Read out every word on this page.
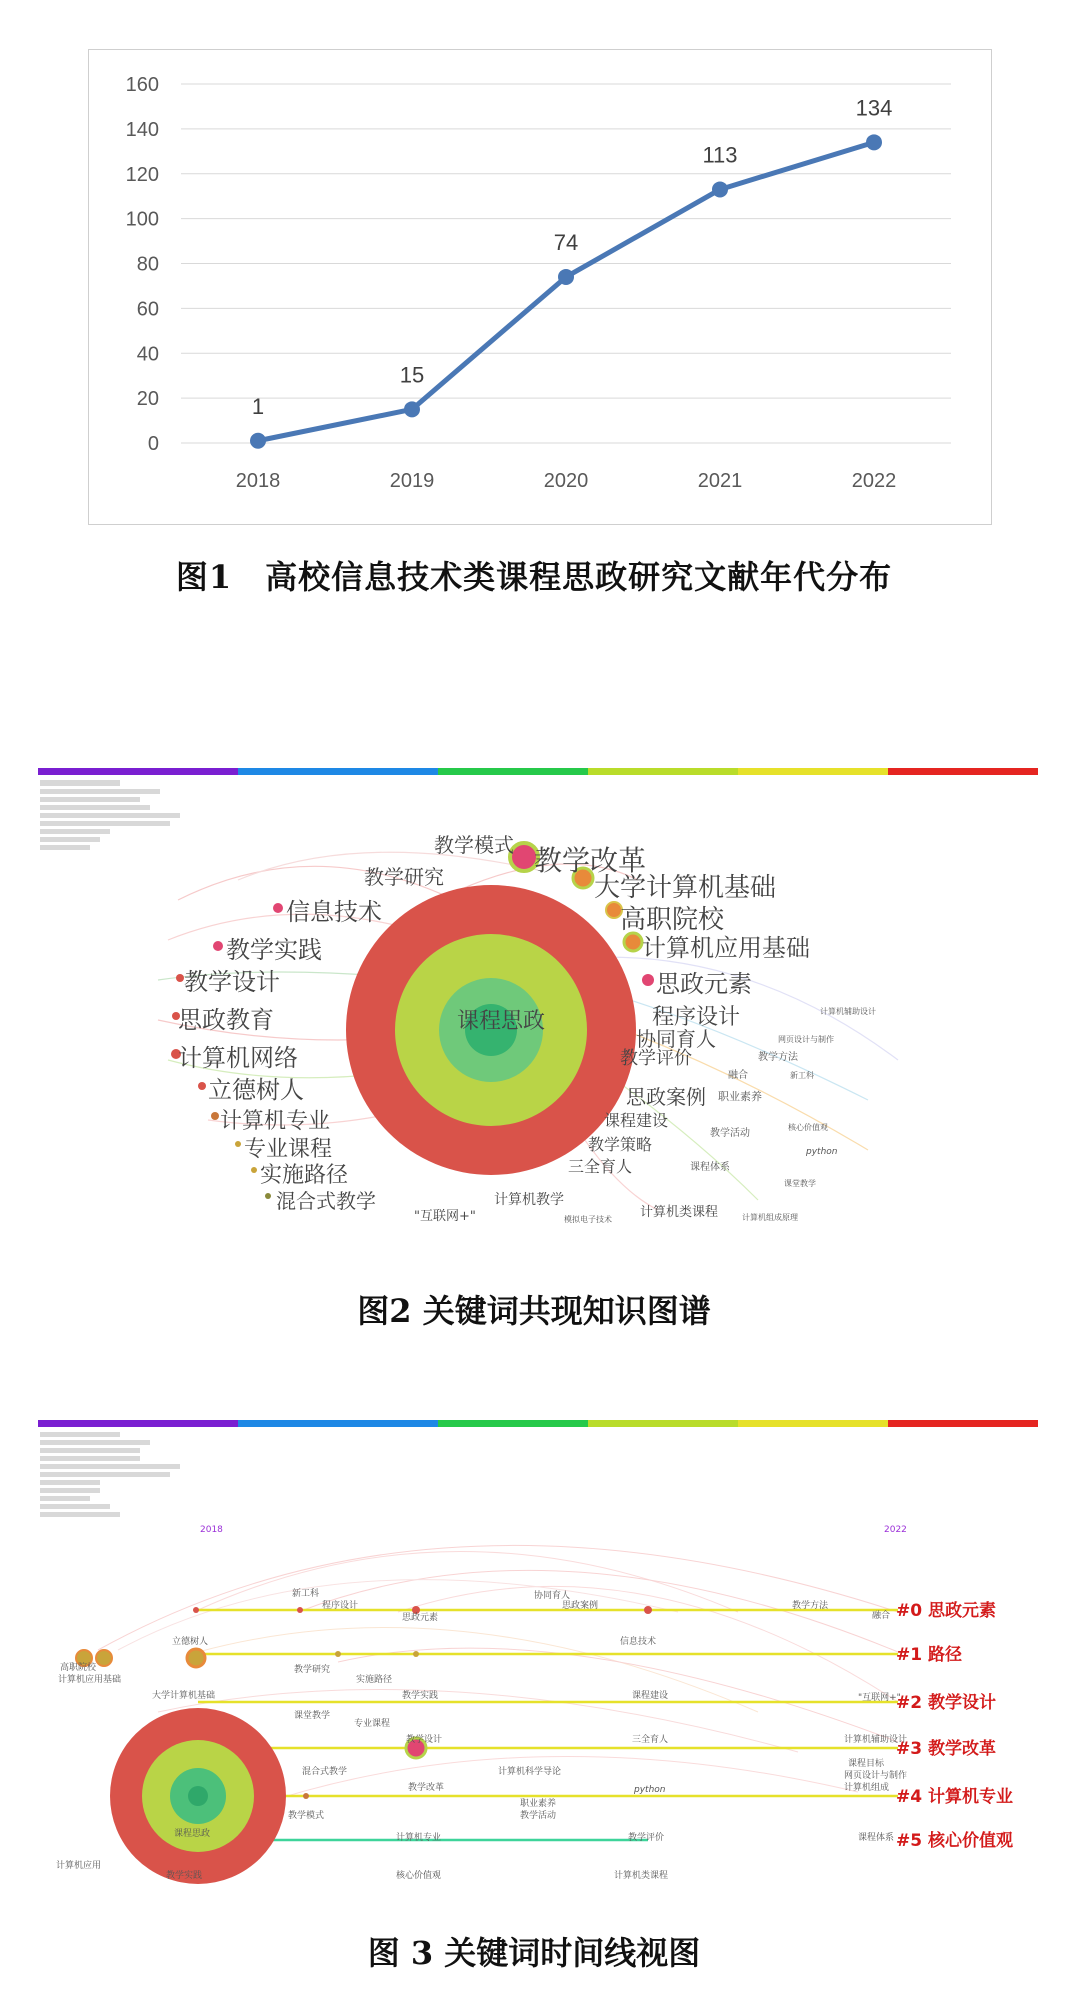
0
20
40
60
80
100
120
140
160
2018	2019	2020	2021	2022
1
15
74
113
134
图1　高校信息技术类课程思政研究文献年代分布
课程思政
教学模式 教学改革
大学计算机基础
教学研究
高职院校
信息技术
计算机应用基础
教学实践
思政元素
教学设计
程序设计
协同育人
思政教育
教学评价
计算机网络
立德树人	思政案例
计算机专业
专业课程
课程建设
实施路径
教学策略
混合式教学
三全育人
计算机教学
"互联网+"	计算机类课程
计算机辅助设计
网页设计与制作
教学方法
融合	新工科
职业素养
核心价值观
教学活动
python
课程体系
课堂教学
计算机组成原理
模拟电子技术
图2 关键词共现知识图谱
2018	2022
#0 思政元素
#1 路径
#2 教学设计
#3 教学改革
#4 计算机专业
#5 核心价值观
新工科
程序设计
思政元素
协同育人
思政案例	教学方法
融合
立德树人	信息技术
高职院校
计算机应用基础
教学研究
实施路径
大学计算机基础	教学实践	课程建设	"互联网+"
课堂教学
专业课程
教学设计	三全育人	计算机辅助设计
混合式教学	计算机科学导论
课程目标
网页设计与制作
计算机组成
教学改革	python
职业素养
教学活动
教学模式
课程思政	计算机专业	教学评价	课程体系
计算机应用
教学实践	核心价值观	计算机类课程
图 3 关键词时间线视图
